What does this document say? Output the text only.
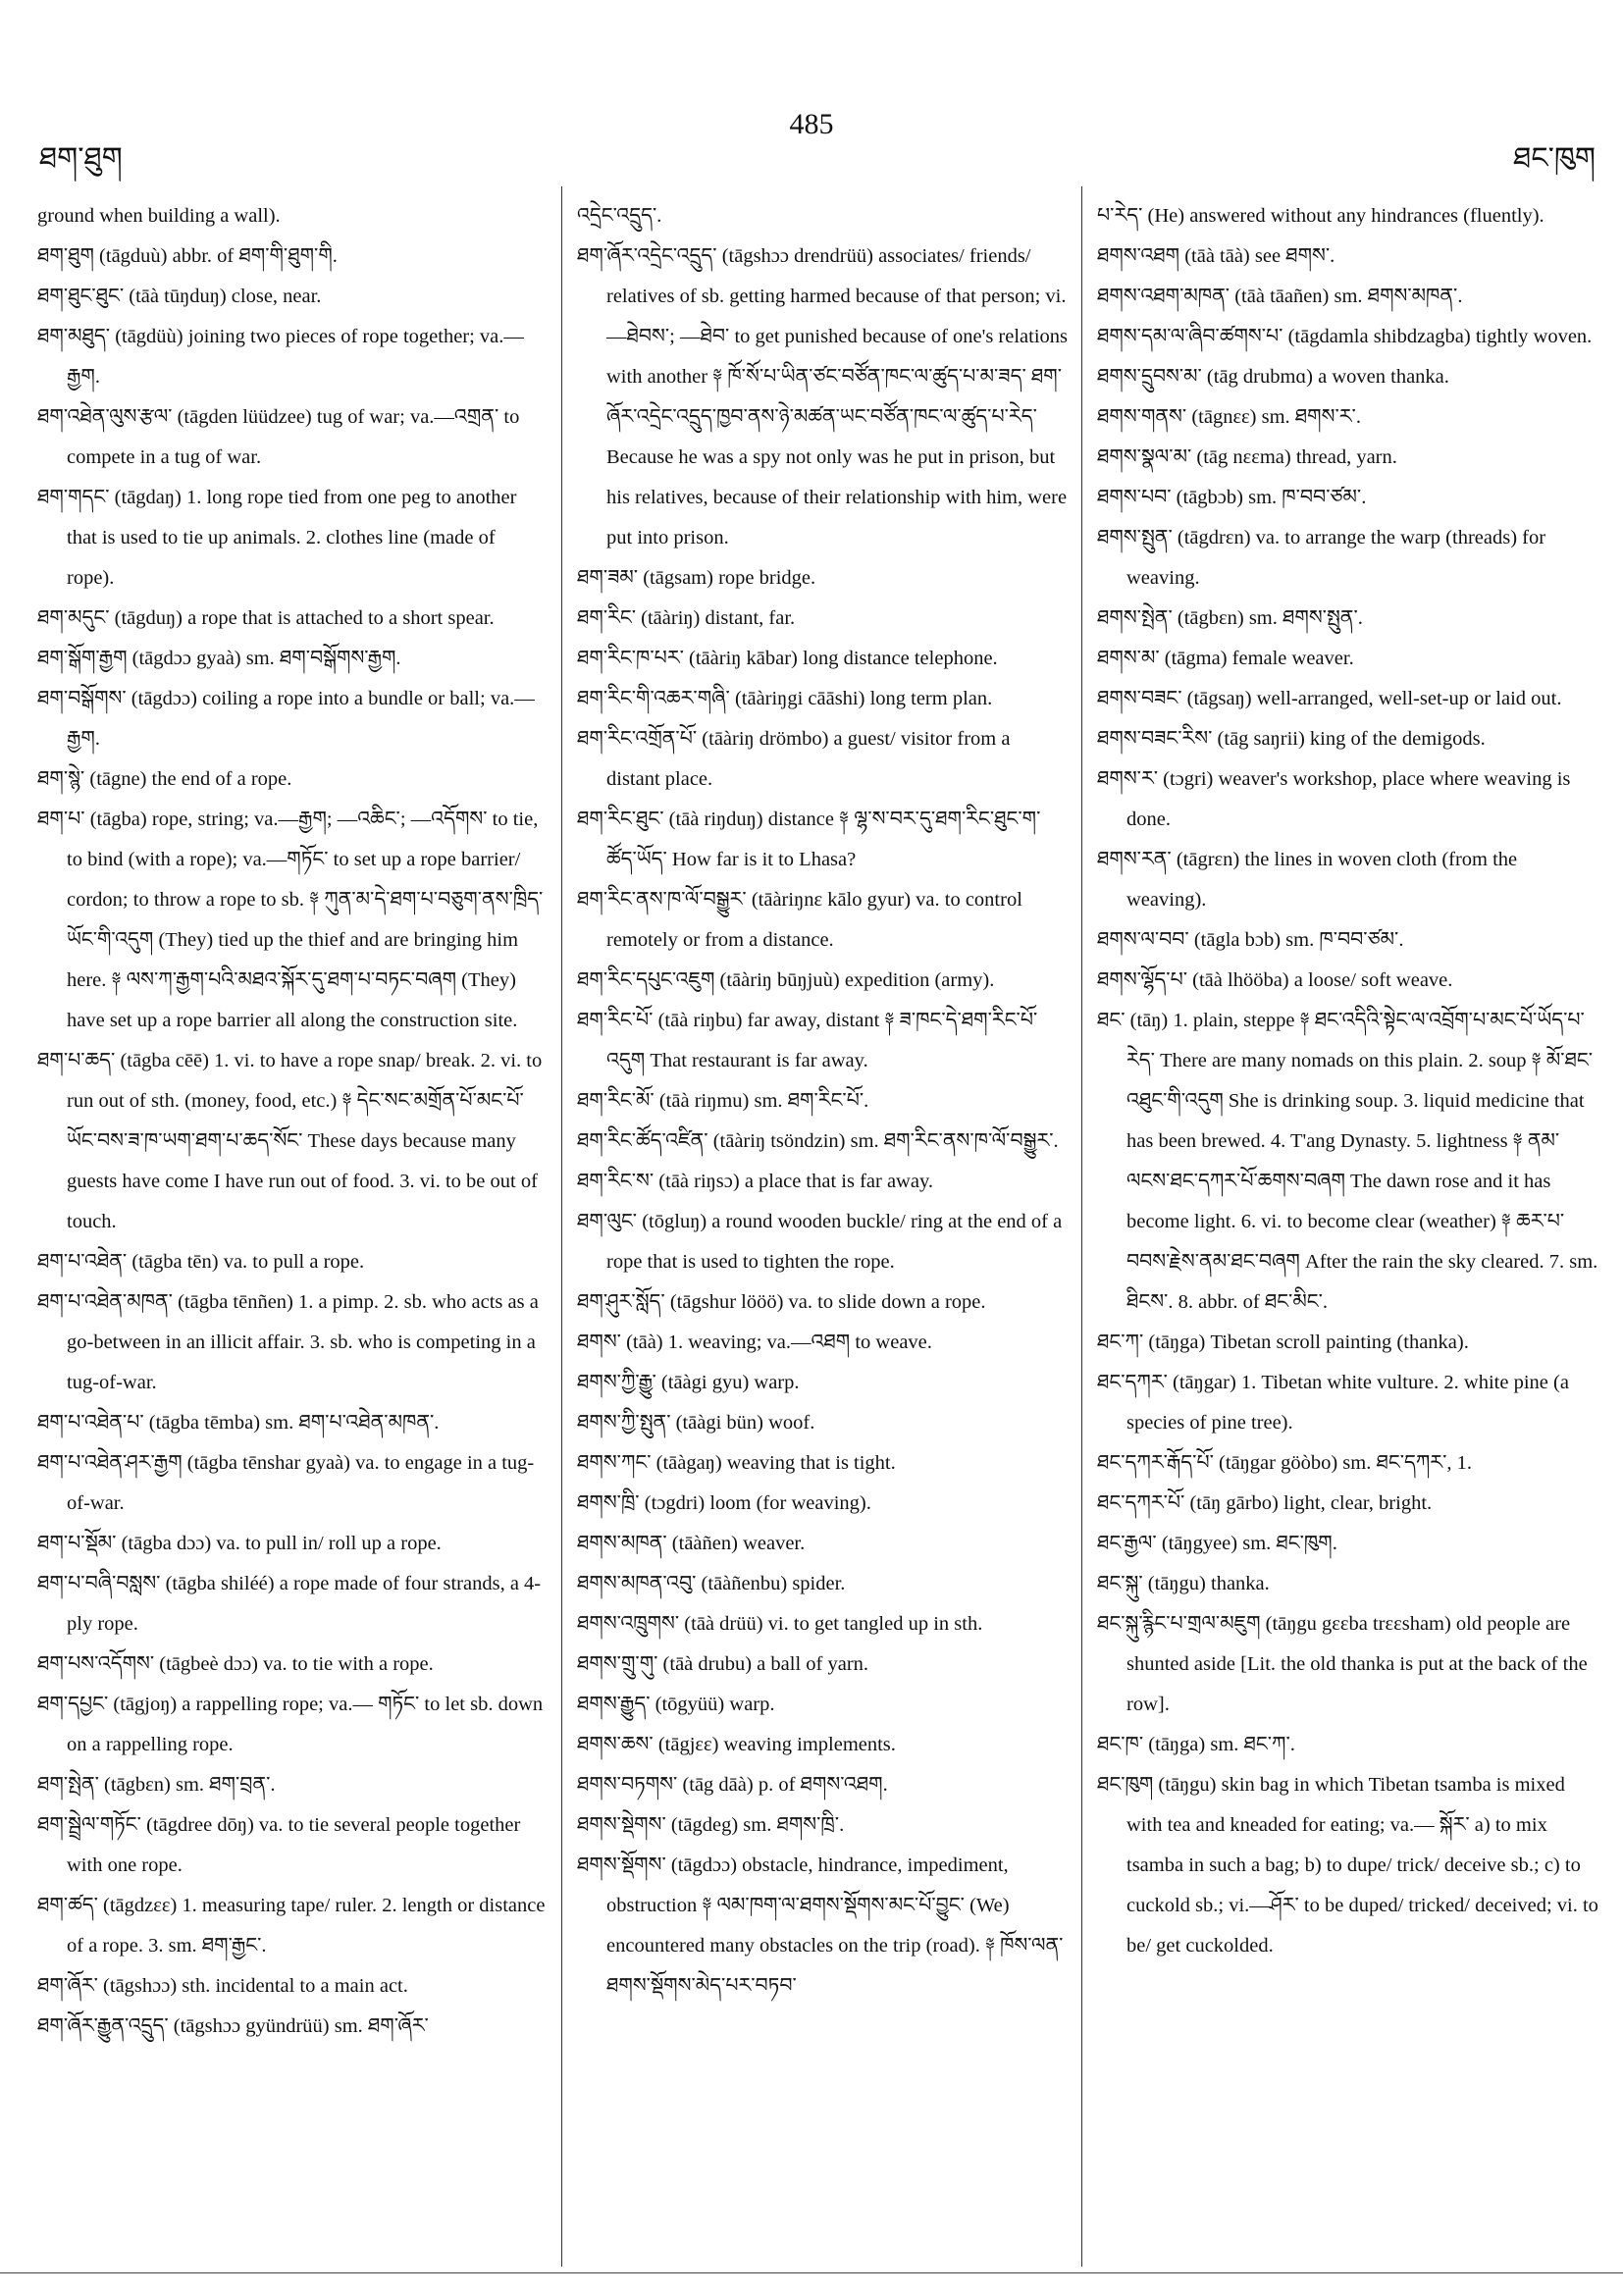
ཐག་ཐུག
485
ཐང་ཁུག

ground when building a wall).

ཐག་ཐུག (tāgduù) abbr. of ཐག་གི་ཐུག་གི.

ཐག་ཐུང་ཐུང་ (tāà tūŋduŋ) close, near.

ཐག་མཐུད་ (tāgdüù) joining two pieces of rope together; va.—རྒྱག.

ཐག་འཐེན་ལུས་རྩལ་ (tāgden lüüdzee) tug of war; va.—འགྲན་ to compete in a tug of war.

ཐག་གདང་ (tāgdaŋ) 1. long rope tied from one peg to another that is used to tie up animals. 2. clothes line (made of rope).

ཐག་མདུང་ (tāgduŋ) a rope that is attached to a short spear.

ཐག་སྒོག་རྒྱག (tāgdɔɔ gyaà) sm. ཐག་བསྒོགས་རྒྱག.

ཐག་བསྒོགས་ (tāgdɔɔ) coiling a rope into a bundle or ball; va.—རྒྱག.

ཐག་སྙེ་ (tāgne) the end of a rope.

ཐག་པ་ (tāgba) rope, string; va.—རྒྱག; —འཆིང་; —འདོགས་ to tie, to bind (with a rope); va.—གཏོང་ to set up a rope barrier/ cordon; to throw a rope to sb. ༈ ཀུན་མ་དེ་ཐག་པ་བཅུག་ནས་ཁྲིད་ཡོང་གི་འདུག (They) tied up the thief and are bringing him here. ༈ ལས་ཀ་རྒྱག་པའི་མཐའ་སྐོར་དུ་ཐག་པ་བཏང་བཞག (They) have set up a rope barrier all along the construction site.

ཐག་པ་ཆད་ (tāgba cēē) 1. vi. to have a rope snap/ break. 2. vi. to run out of sth. (money, food, etc.) ༈ དེང་སང་མགྲོན་པོ་མང་པོ་ཡོང་བས་ཟ་ཁ་ཡག་ཐག་པ་ཆད་སོང་ These days because many guests have come I have run out of food. 3. vi. to be out of touch.

ཐག་པ་འཐེན་ (tāgba tēn) va. to pull a rope.

ཐག་པ་འཐེན་མཁན་ (tāgba tēnñen) 1. a pimp. 2. sb. who acts as a go-between in an illicit affair. 3. sb. who is competing in a tug-of-war.

ཐག་པ་འཐེན་པ་ (tāgba tēmba) sm. ཐག་པ་འཐེན་མཁན་.

ཐག་པ་འཐེན་ཤར་རྒྱག (tāgba tēnshar gyaà) va. to engage in a tug-of-war.

ཐག་པ་སྡོམ་ (tāgba dɔɔ) va. to pull in/ roll up a rope.

ཐག་པ་བཞི་བསླས་ (tāgba shiléé) a rope made of four strands, a 4-ply rope.

ཐག་པས་འདོགས་ (tāgbeè dɔɔ) va. to tie with a rope.

ཐག་དཔྱང་ (tāgjoŋ) a rappelling rope; va.— གཏོང་ to let sb. down on a rappelling rope.

ཐག་སྤེན་ (tāgbɛn) sm. ཐག་བྲན་.

ཐག་སྦྲེལ་གཏོང་ (tāgdree dōŋ) va. to tie several people together with one rope.

ཐག་ཚད་ (tāgdzɛɛ) 1. measuring tape/ ruler. 2. length or distance of a rope. 3. sm. ཐག་རྒྱང་.

ཐག་ཞོར་ (tāgshɔɔ) sth. incidental to a main act.

ཐག་ཞོར་རྒྱུན་འདྲུད་ (tāgshɔɔ gyündrüü) sm. ཐག་ཞོར་

འདྲེང་འདྲུད་.

ཐག་ཞོར་འདྲེང་འདྲུད་ (tāgshɔɔ drendrüü) associates/ friends/ relatives of sb. getting harmed because of that person; vi.—ཐེབས་; —ཐེབ་ to get punished because of one's relations with another ༈ ཁོ་སོ་པ་ཡིན་ཙང་བཙོན་ཁང་ལ་ཚུད་པ་མ་ཟད་ ཐག་ཞོར་འདྲེང་འདྲུད་ཁྱབ་ནས་ཉེ་མཚན་ཡང་བཙོན་ཁང་ལ་ཚུད་པ་རེད་ Because he was a spy not only was he put in prison, but his relatives, because of their relationship with him, were put into prison.

ཐག་ཟམ་ (tāgsam) rope bridge.

ཐག་རིང་ (tāàriŋ) distant, far.

ཐག་རིང་ཁ་པར་ (tāàriŋ kābar) long distance telephone.

ཐག་རིང་གི་འཆར་གཞི་ (tāàriŋgi cāāshi) long term plan.

ཐག་རིང་འགྲོན་པོ་ (tāàriŋ drömbo) a guest/ visitor from a distant place.

ཐག་རིང་ཐུང་ (tāà riŋduŋ) distance ༈ ལྷ་ས་བར་དུ་ཐག་རིང་ཐུང་ག་ཚོད་ཡོད་ How far is it to Lhasa?

ཐག་རིང་ནས་ཁ་ལོ་བསྒྱུར་ (tāàriŋnɛ kālo gyur) va. to control remotely or from a distance.

ཐག་རིང་དཔུང་འཇུག (tāàriŋ būŋjuù) expedition (army).

ཐག་རིང་པོ་ (tāà riŋbu) far away, distant ༈ ཟ་ཁང་དེ་ཐག་རིང་པོ་འདུག That restaurant is far away.

ཐག་རིང་མོ་ (tāà riŋmu) sm. ཐག་རིང་པོ་.

ཐག་རིང་ཚོད་འཛིན་ (tāàriŋ tsöndzin) sm. ཐག་རིང་ནས་ཁ་ལོ་བསྒྱུར་.

ཐག་རིང་ས་ (tāà riŋsɔ) a place that is far away.

ཐག་ལུང་ (tōgluŋ) a round wooden buckle/ ring at the end of a rope that is used to tighten the rope.

ཐག་ཤུར་སློད་ (tāgshur lööö) va. to slide down a rope.

ཐགས་ (tāà) 1. weaving; va.—འཐག to weave.

ཐགས་ཀྱི་རྒྱུ་ (tāàgi gyu) warp.

ཐགས་ཀྱི་སྤུན་ (tāàgi bün) woof.

ཐགས་ཀང་ (tāàgaŋ) weaving that is tight.

ཐགས་ཁྲི་ (tɔgdri) loom (for weaving).

ཐགས་མཁན་ (tāàñen) weaver.

ཐགས་མཁན་འབུ་ (tāàñenbu) spider.

ཐགས་འཁྲུགས་ (tāà drüü) vi. to get tangled up in sth.

ཐགས་གྲུ་གུ་ (tāà drubu) a ball of yarn.

ཐགས་རྒྱུད་ (tōgyüü) warp.

ཐགས་ཆས་ (tāgjɛɛ) weaving implements.

ཐགས་བཏགས་ (tāg dāà) p. of ཐགས་འཐག.

ཐགས་སྡེགས་ (tāgdeg) sm. ཐགས་ཁྲི་.

ཐགས་སྡོགས་ (tāgdɔɔ) obstacle, hindrance, impediment, obstruction ༈ ལམ་ཁག་ལ་ཐགས་སྡོགས་མང་པོ་བྱུང་ (We) encountered many obstacles on the trip (road). ༈ ཁོས་ལན་ཐགས་སྡོགས་མེད་པར་བཏབ་

པ་རེད་ (He) answered without any hindrances (fluently).

ཐགས་འཐག (tāà tāà) see ཐགས་.

ཐགས་འཐག་མཁན་ (tāà tāañen) sm. ཐགས་མཁན་.

ཐགས་དམ་ལ་ཞིབ་ཚགས་པ་ (tāgdamla shibdzagba) tightly woven.

ཐགས་དྲུབས་མ་ (tāg drubmɑ) a woven thanka.

ཐགས་གནས་ (tāgnɛɛ) sm. ཐགས་ར་.

ཐགས་སྣལ་མ་ (tāg nɛɛma) thread, yarn.

ཐགས་པབ་ (tāgbɔb) sm. ཁ་བབ་ཙམ་.

ཐགས་སྤུན་ (tāgdrɛn) va. to arrange the warp (threads) for weaving.

ཐགས་སྤེན་ (tāgbɛn) sm. ཐགས་སྤུན་.

ཐགས་མ་ (tāgma) female weaver.

ཐགས་བཟང་ (tāgsaŋ) well-arranged, well-set-up or laid out.

ཐགས་བཟང་རིས་ (tāg saŋrii) king of the demigods.

ཐགས་ར་ (tɔgri) weaver's workshop, place where weaving is done.

ཐགས་རན་ (tāgrɛn) the lines in woven cloth (from the weaving).

ཐགས་ལ་བབ་ (tāgla bɔb) sm. ཁ་བབ་ཙམ་.

ཐགས་ལྷོད་པ་ (tāà lhööba) a loose/ soft weave.

ཐང་ (tāŋ) 1. plain, steppe ༈ ཐང་འདིའི་སྟེང་ལ་འབྲོག་པ་མང་པོ་ཡོད་པ་རེད་ There are many nomads on this plain. 2. soup ༈ མོ་ཐང་འཐུང་གི་འདུག She is drinking soup. 3. liquid medicine that has been brewed. 4. T'ang Dynasty. 5. lightness ༈ ནམ་ལངས་ཐང་དཀར་པོ་ཆགས་བཞག The dawn rose and it has become light. 6. vi. to become clear (weather) ༈ ཆར་པ་བབས་རྗེས་ནམ་ཐང་བཞག After the rain the sky cleared. 7. sm. ཐིངས་. 8. abbr. of ཐང་མིང་.

ཐང་ཀ་ (tāŋga) Tibetan scroll painting (thanka).

ཐང་དཀར་ (tāŋgar) 1. Tibetan white vulture. 2. white pine (a species of pine tree).

ཐང་དཀར་རྒོད་པོ་ (tāŋgar göòbo) sm. ཐང་དཀར་, 1.

ཐང་དཀར་པོ་ (tāŋ gārbo) light, clear, bright.

ཐང་རྒྱལ་ (tāŋgyee) sm. ཐང་ཁུག.

ཐང་སྐུ་ (tāŋgu) thanka.

ཐང་སྐུ་རྙིང་པ་གྲལ་མཇུག (tāŋgu gɛɛba trɛɛsham) old people are shunted aside [Lit. the old thanka is put at the back of the row].

ཐང་ཁ་ (tāŋga) sm. ཐང་ཀ་.

ཐང་ཁུག (tāŋgu) skin bag in which Tibetan tsamba is mixed with tea and kneaded for eating; va.— སྐོར་ a) to mix tsamba in such a bag; b) to dupe/ trick/ deceive sb.; c) to cuckold sb.; vi.—ཤོར་ to be duped/ tricked/ deceived; vi. to be/ get cuckolded.
